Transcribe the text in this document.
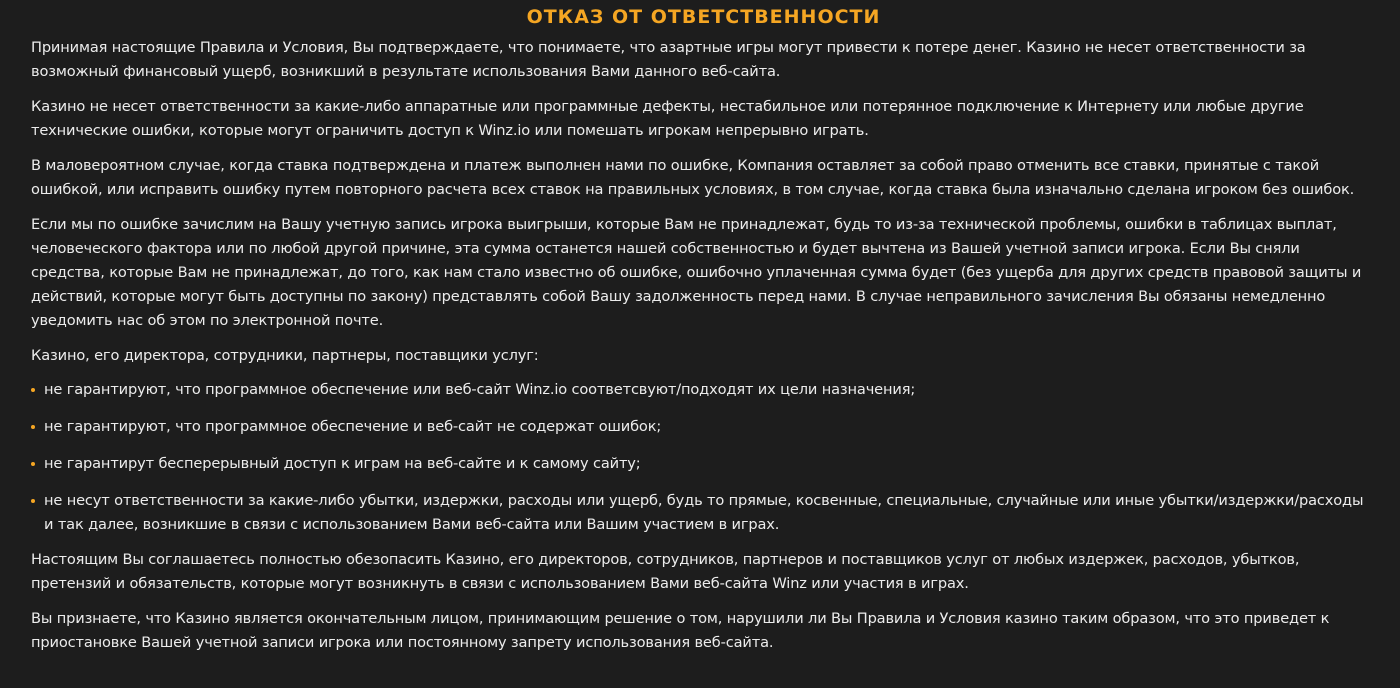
ОТКАЗ ОТ ОТВЕТСТВЕННОСТИ

Принимая настоящие Правила и Условия, Вы подтверждаете, что понимаете, что азартные игры могут привести к потере денег. Казино не несет ответственности за возможный финансовый ущерб, возникший в результате использования Вами данного веб-сайта.

Казино не несет ответственности за какие-либо аппаратные или программные дефекты, нестабильное или потерянное подключение к Интернету или любые другие технические ошибки, которые могут ограничить доступ к Winz.io или помешать игрокам непрерывно играть.

В маловероятном случае, когда ставка подтверждена и платеж выполнен нами по ошибке, Компания оставляет за собой право отменить все ставки, принятые с такой ошибкой, или исправить ошибку путем повторного расчета всех ставок на правильных условиях, в том случае, когда ставка была изначально сделана игроком без ошибок.

Если мы по ошибке зачислим на Вашу учетную запись игрока выигрыши, которые Вам не принадлежат, будь то из-за технической проблемы, ошибки в таблицах выплат, человеческого фактора или по любой другой причине, эта сумма останется нашей собственностью и будет вычтена из Вашей учетной записи игрока. Если Вы сняли средства, которые Вам не принадлежат, до того, как нам стало известно об ошибке, ошибочно уплаченная сумма будет (без ущерба для других средств правовой защиты и действий, которые могут быть доступны по закону) представлять собой Вашу задолженность перед нами. В случае неправильного зачисления Вы обязаны немедленно уведомить нас об этом по электронной почте.

Казино, его директора, сотрудники, партнеры, поставщики услуг:

не гарантируют, что программное обеспечение или веб-сайт Winz.io соответсвуют/подходят их цели назначения;
не гарантируют, что программное обеспечение и веб-сайт не содержат ошибок;
не гарантирут бесперерывный доступ к играм на веб-сайте и к самому сайту;
не несут ответственности за какие-либо убытки, издержки, расходы или ущерб, будь то прямые, косвенные, специальные, случайные или иные убытки/издержки/расходы и так далее, возникшие в связи с использованием Вами веб-сайта или Вашим участием в играх.

Настоящим Вы соглашаетесь полностью обезопасить Казино, его директоров, сотрудников, партнеров и поставщиков услуг от любых издержек, расходов, убытков, претензий и обязательств, которые могут возникнуть в связи с использованием Вами веб-сайта Winz или участия в играх.

Вы признаете, что Казино является окончательным лицом, принимающим решение о том, нарушили ли Вы Правила и Условия казино таким образом, что это приведет к приостановке Вашей учетной записи игрока или постоянному запрету использования веб-сайта.
